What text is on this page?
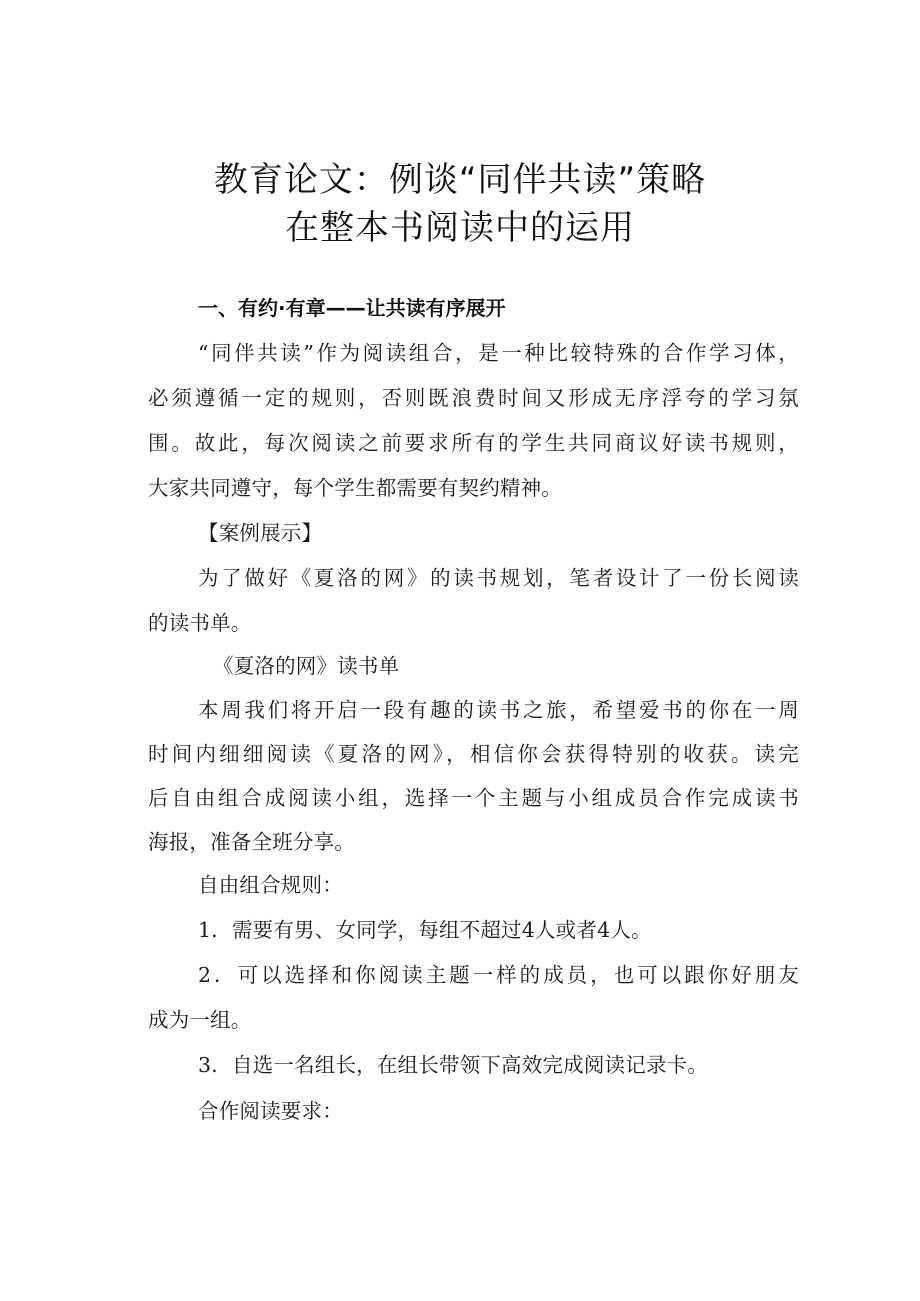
教育论文：例谈“同伴共读”策略
在整本书阅读中的运用
一、有约·有章——让共读有序展开
“同伴共读”作为阅读组合，是一种比较特殊的合作学习体，
必须遵循一定的规则，否则既浪费时间又形成无序浮夸的学习氛
围。故此，每次阅读之前要求所有的学生共同商议好读书规则，
大家共同遵守，每个学生都需要有契约精神。
【案例展示】
为了做好《夏洛的网》的读书规划，笔者设计了一份长阅读
的读书单。
《夏洛的网》读书单
本周我们将开启一段有趣的读书之旅，希望爱书的你在一周
时间内细细阅读《夏洛的网》，相信你会获得特别的收获。读完
后自由组合成阅读小组，选择一个主题与小组成员合作完成读书
海报，准备全班分享。
自由组合规则：
1．需要有男、女同学，每组不超过4人或者4人。
2．可以选择和你阅读主题一样的成员，也可以跟你好朋友
成为一组。
3．自选一名组长，在组长带领下高效完成阅读记录卡。
合作阅读要求：
